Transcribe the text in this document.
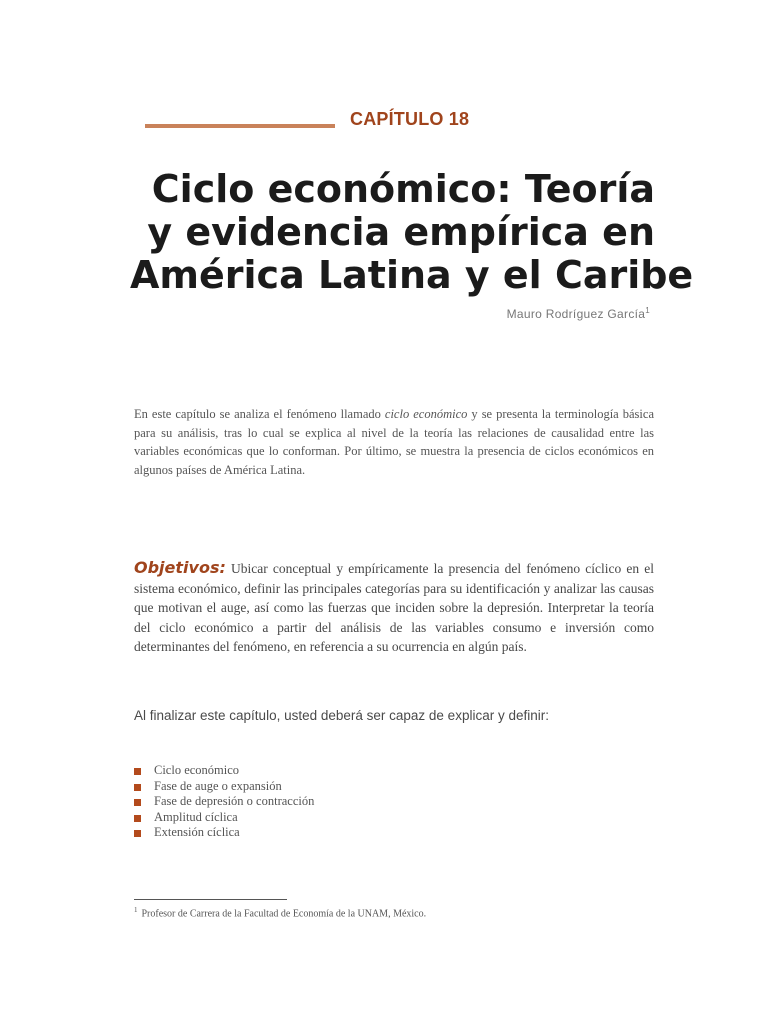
CAPÍTULO 18
Ciclo económico: Teoría
y evidencia empírica en
América Latina y el Caribe
Mauro Rodríguez García$^1$

En este capítulo se analiza el fenómeno llamado ciclo económico y se presenta la terminología básica para su análisis, tras lo cual se explica al nivel de la teoría las relaciones de causalidad entre las variables económicas que lo conforman. Por último, se muestra la presencia de ciclos económicos en algunos países de América Latina.

Objetivos: Ubicar conceptual y empíricamente la presencia del fenómeno cíclico en el sistema económico, definir las principales categorías para su identificación y analizar las causas que motivan el auge, así como las fuerzas que inciden sobre la depresión. Interpretar la teoría del ciclo económico a partir del análisis de las variables consumo e inversión como determinantes del fenómeno, en referencia a su ocurrencia en algún país.

Al finalizar este capítulo, usted deberá ser capaz de explicar y definir:

Ciclo económico
Fase de auge o expansión
Fase de depresión o contracción
Amplitud cíclica
Extensión cíclica

$^1$ Profesor de Carrera de la Facultad de Economía de la UNAM, México.
